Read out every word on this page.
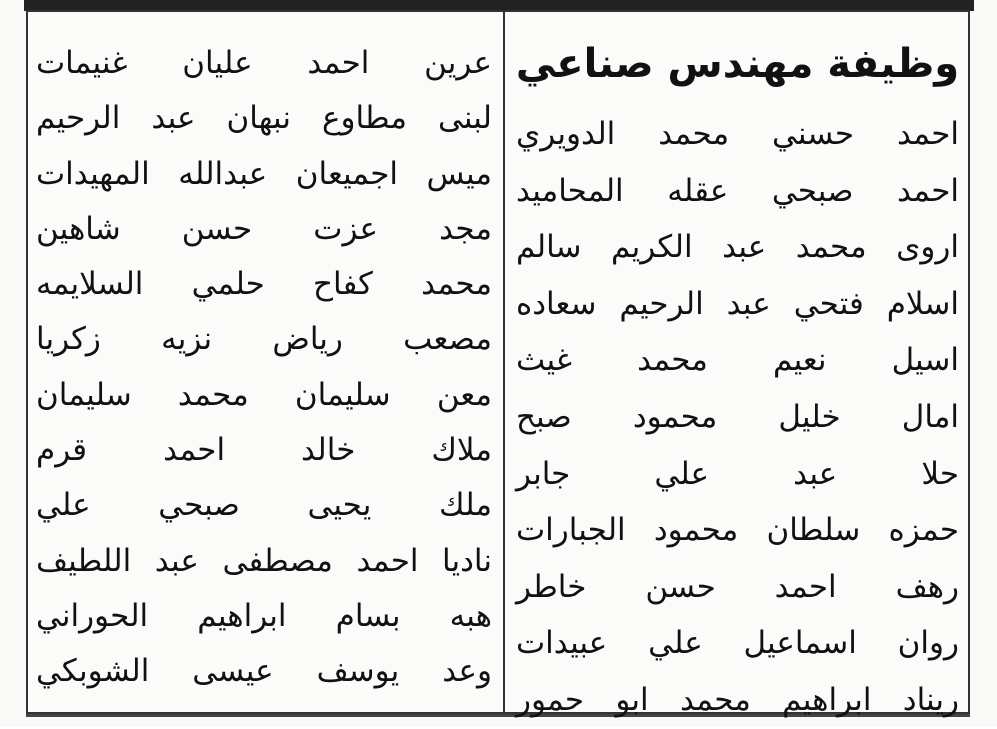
وظيفة مهندس صناعي
احمد حسني محمد الدويري
احمد صبحي عقله المحاميد
اروى محمد عبد الكريم سالم
اسلام فتحي عبد الرحيم سعاده
اسيل نعيم محمد غيث
امال خليل محمود صبح
حلا عبد علي جابر
حمزه سلطان محمود الجبارات
رهف احمد حسن خاطر
روان اسماعيل علي عبيدات
ريناد ابراهيم محمد ابو حمور
عرين احمد عليان غنيمات
لبنى مطاوع نبهان عبد الرحيم
ميس اجميعان عبدالله المهيدات
مجد عزت حسن شاهين
محمد كفاح حلمي السلايمه
مصعب رياض نزيه زكريا
معن سليمان محمد سليمان
ملاك خالد احمد قرم
ملك يحيى صبحي علي
ناديا احمد مصطفى عبد اللطيف
هبه بسام ابراهيم الحوراني
وعد يوسف عيسى الشوبكي
